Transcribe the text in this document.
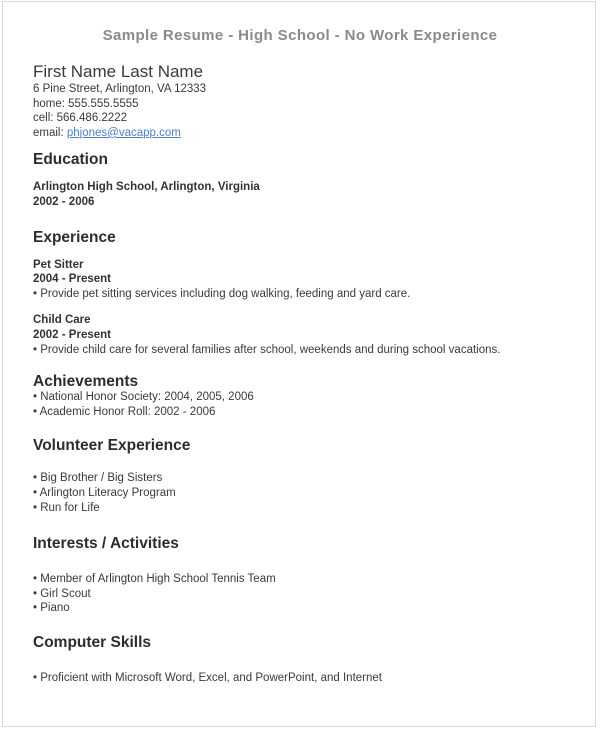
Sample Resume - High School - No Work Experience
First Name Last Name
6 Pine Street, Arlington, VA 12333
home: 555.555.5555
cell: 566.486.2222
email: phjones@vacapp.com
Education
Arlington High School, Arlington, Virginia
2002 - 2006
Experience
Pet Sitter
2004 - Present
• Provide pet sitting services including dog walking, feeding and yard care.
Child Care
2002 - Present
• Provide child care for several families after school, weekends and during school vacations.
Achievements
• National Honor Society: 2004, 2005, 2006
• Academic Honor Roll: 2002 - 2006
Volunteer Experience
• Big Brother / Big Sisters
• Arlington Literacy Program
• Run for Life
Interests / Activities
• Member of Arlington High School Tennis Team
• Girl Scout
• Piano
Computer Skills
• Proficient with Microsoft Word, Excel, and PowerPoint, and Internet
